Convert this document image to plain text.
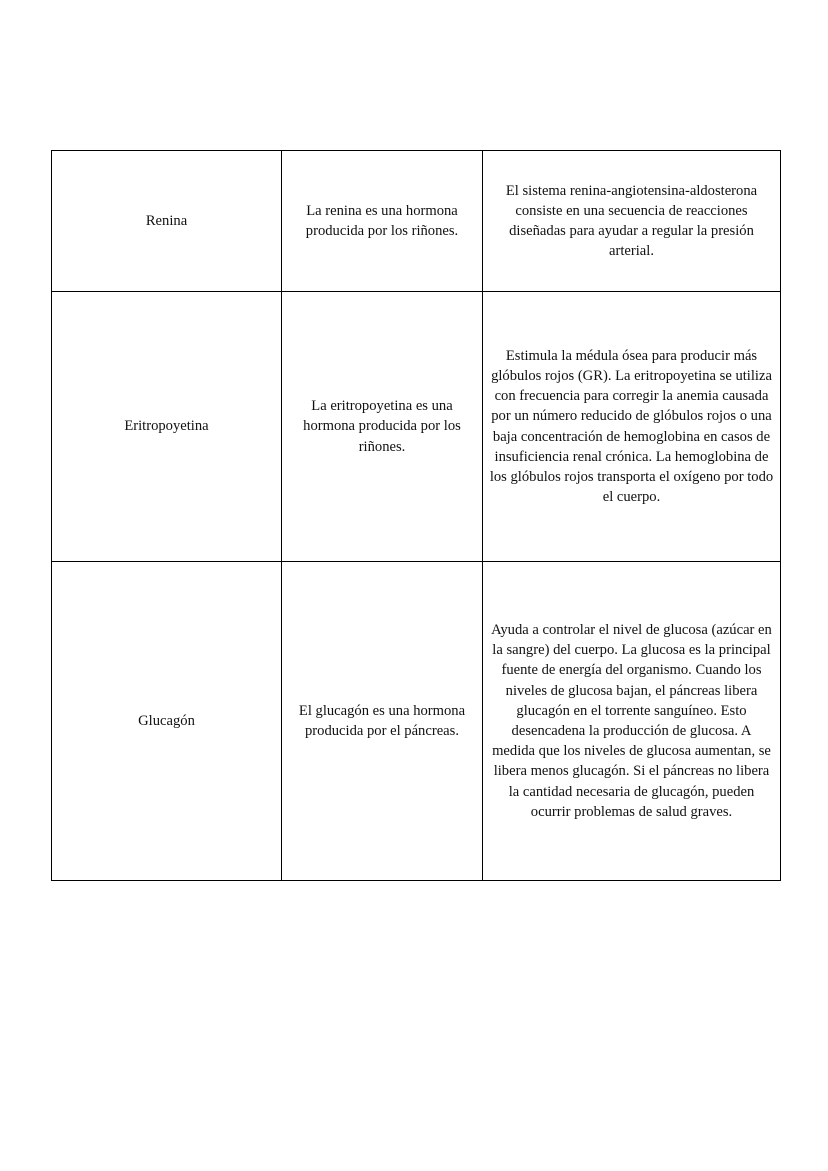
Renina	La renina es una hormona producida por los riñones.	El sistema renina-angiotensina-aldosterona consiste en una secuencia de reacciones diseñadas para ayudar a regular la presión arterial.

Eritropoyetina	La eritropoyetina es una hormona producida por los riñones.	Estimula la médula ósea para producir más glóbulos rojos (GR). La eritropoyetina se utiliza con frecuencia para corregir la anemia causada por un número reducido de glóbulos rojos o una baja concentración de hemoglobina en casos de insuficiencia renal crónica. La hemoglobina de los glóbulos rojos transporta el oxígeno por todo el cuerpo.

Glucagón	El glucagón es una hormona producida por el páncreas.	Ayuda a controlar el nivel de glucosa (azúcar en la sangre) del cuerpo. La glucosa es la principal fuente de energía del organismo. Cuando los niveles de glucosa bajan, el páncreas libera glucagón en el torrente sanguíneo. Esto desencadena la producción de glucosa. A medida que los niveles de glucosa aumentan, se libera menos glucagón. Si el páncreas no libera la cantidad necesaria de glucagón, pueden ocurrir problemas de salud graves.
